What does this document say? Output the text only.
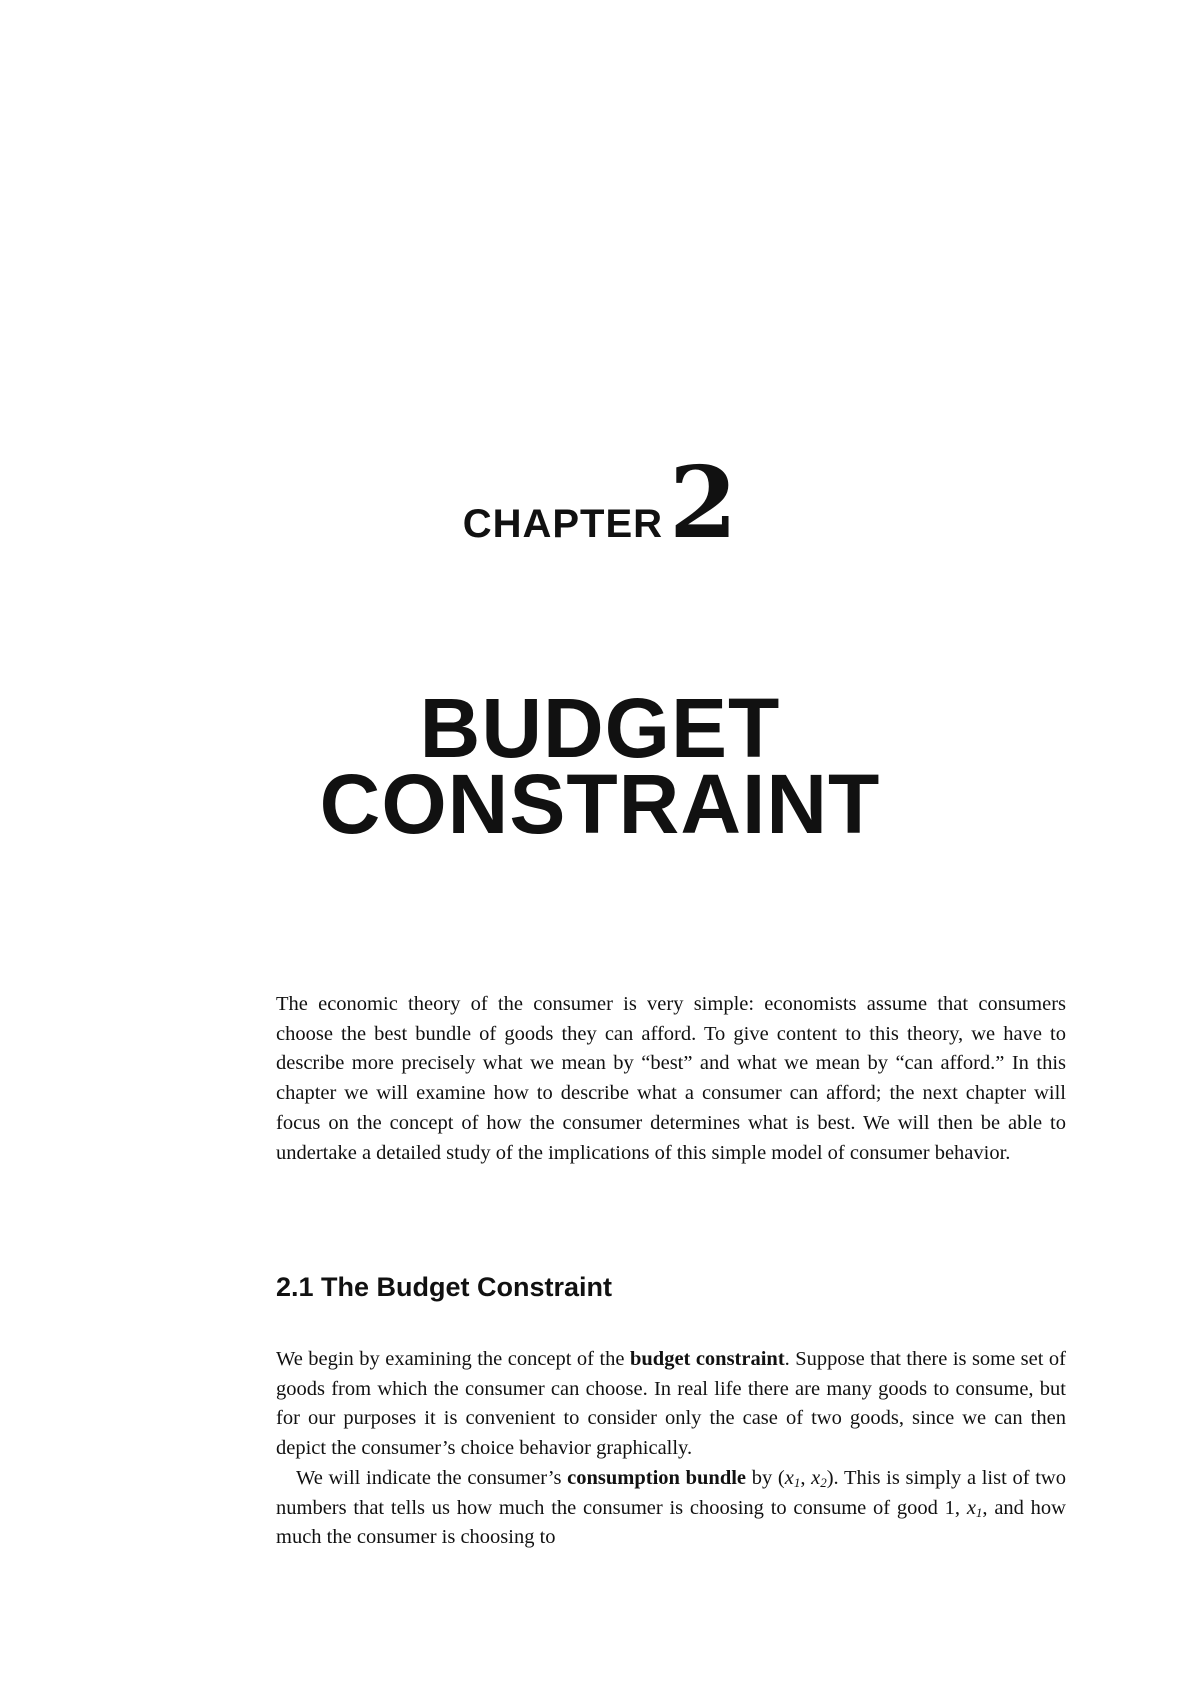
CHAPTER2
BUDGET
CONSTRAINT

The economic theory of the consumer is very simple: economists assume that consumers choose the best bundle of goods they can afford. To give content to this theory, we have to describe more precisely what we mean by “best” and what we mean by “can afford.” In this chapter we will examine how to describe what a consumer can afford; the next chapter will focus on the concept of how the consumer determines what is best. We will then be able to undertake a detailed study of the implications of this simple model of consumer behavior.

2.1 The Budget Constraint

We begin by examining the concept of the budget constraint. Suppose that there is some set of goods from which the consumer can choose. In real life there are many goods to consume, but for our purposes it is convenient to consider only the case of two goods, since we can then depict the consumer’s choice behavior graphically.

We will indicate the consumer’s consumption bundle by ($x_1$, $x_2$). This is simply a list of two numbers that tells us how much the consumer is choosing to consume of good 1, $x_1$, and how much the consumer is choosing to
